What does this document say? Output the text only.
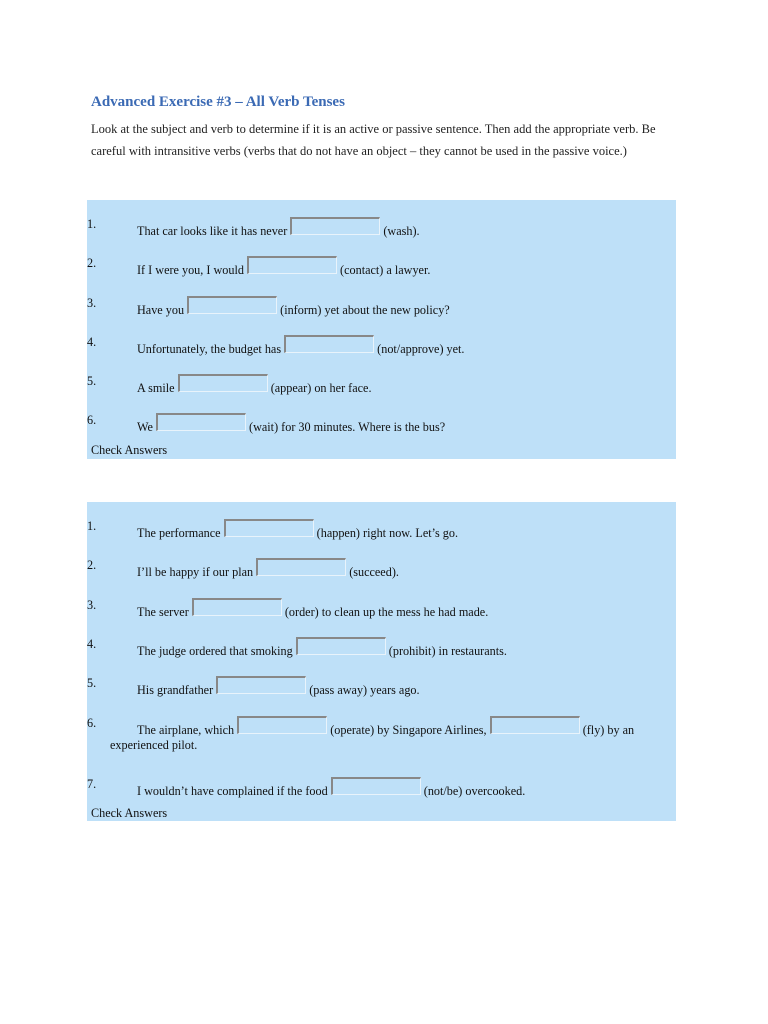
Advanced Exercise #3 – All Verb Tenses
Look at the subject and verb to determine if it is an active or passive sentence. Then add the appropriate verb. Be careful with intransitive verbs (verbs that do not have an object – they cannot be used in the passive voice.)
1.	That car looks like it has never	(wash).
2.	If I were you, I would	(contact) a lawyer.
3.	Have you	(inform) yet about the new policy?
4.	Unfortunately, the budget has	(not/approve) yet.
5.	A smile	(appear) on her face.
6.	We	(wait) for 30 minutes. Where is the bus?
Check Answers
1.	The performance	(happen) right now. Let’s go.
2.	I’ll be happy if our plan	(succeed).
3.	The server	(order) to clean up the mess he had made.
4.	The judge ordered that smoking	(prohibit) in restaurants.
5.	His grandfather	(pass away) years ago.
6.	The airplane, which	(operate) by Singapore Airlines,	(fly) by an
experienced pilot.
7.	I wouldn’t have complained if the food	(not/be) overcooked.
Check Answers
